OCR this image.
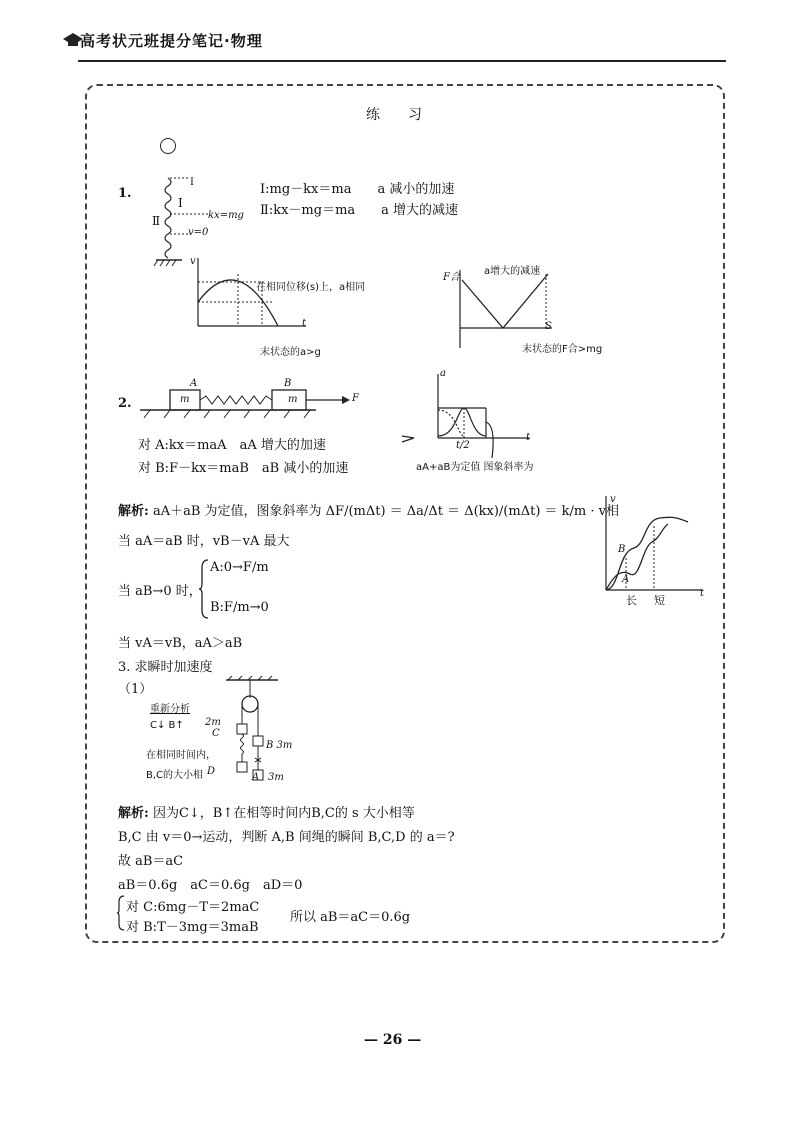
高考状元班提分笔记·物理
练　　习
1.
I
I
Ⅱ	kx=mg
v=0
Ⅰ:mg－kx＝ma　　a 减小的加速
Ⅱ:kx－mg＝ma　　a 增大的减速
v
t
在相同位移(s)上，a相同
末状态的a>g
F合
a增大的减速
S
末状态的F合>mg
2.
A	B
m	m	F
对 A:kx＝maA　aA 增大的加速
对 B:F－kx＝maB　aB 减小的加速
a
t
t/2
aA+aB为定值 图象斜率为
解析: aA＋aB 为定值，图象斜率为 ΔF/(mΔt) ＝ Δa/Δt ＝ Δ(kx)/(mΔt) ＝ k/m · v相
当 aA＝aB 时，vB－vA 最大
当 aB→0 时，
A:0→F/m
B:F/m→0
当 vA＝vB，aA＞aB
v
t
B
A
长 短
3. 求瞬时加速度
（1）
重新分析
C↓ B↑
在相同时间内，
B,C的大小相
2m
C
B 3m
D
A 3m
解析: 因为C↓，B↑在相等时间内B,C的 s 大小相等
B,C 由 v＝0→运动，判断 A,B 间绳的瞬间 B,C,D 的 a＝?
故 aB＝aC
aB＝0.6g　aC＝0.6g　aD＝0
对 C:6mg－T＝2maC
对 B:T－3mg＝3maB
所以 aB＝aC＝0.6g
— 26 —
